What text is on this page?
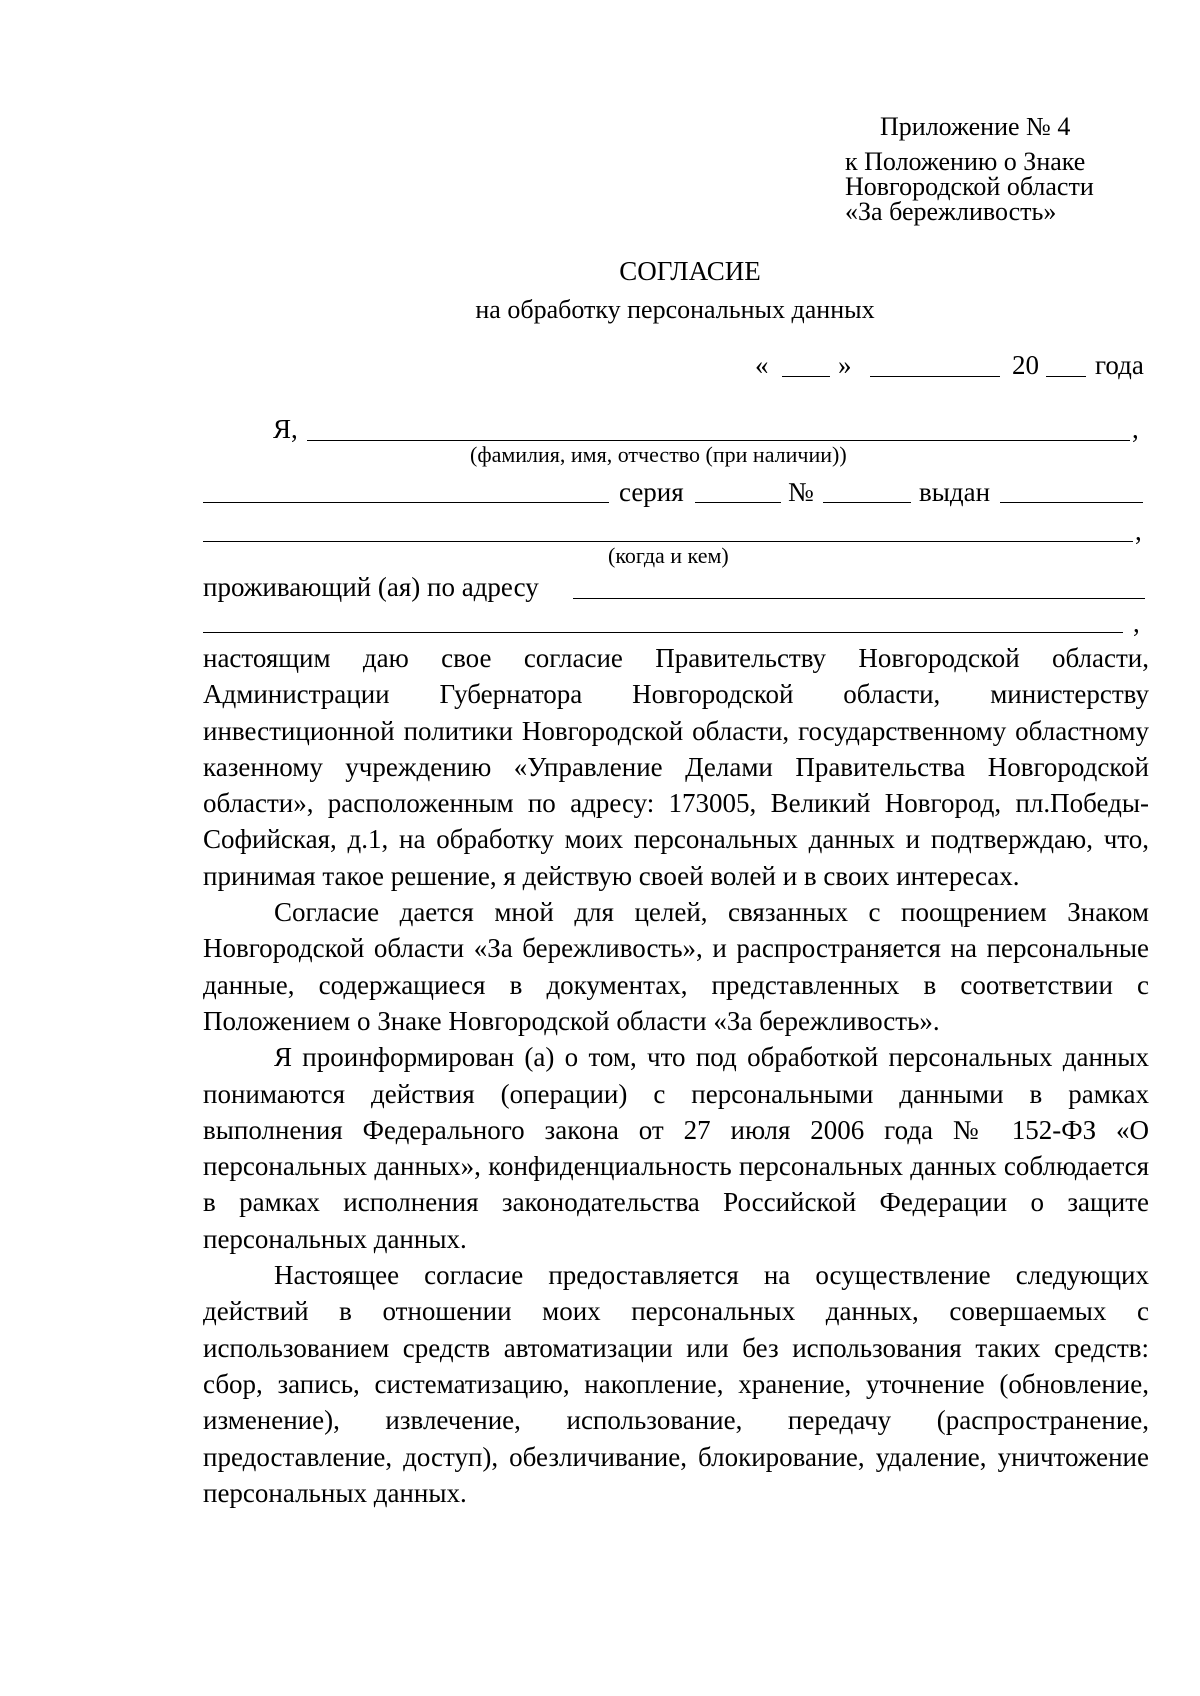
Приложение № 4
к Положению о Знаке
Новгородской области
«За бережливость»
СОГЛАСИЕ
на обработку персональных данных
«	»	20 года
Я,	,
(фамилия, имя, отчество (при наличии))
серия	№	выдан
,
(когда и кем)
проживающий (ая) по адресу
,

настоящим даю свое согласие Правительству Новгородской области, Администрации Губернатора Новгородской области, министерству инвестиционной политики Новгородской области, государственному областному казенному учреждению «Управление Делами Правительства Новгородской области», расположенным по адресу: 173005, Великий Новгород, пл.Победы-Софийская, д.1, на обработку моих персональных данных и подтверждаю, что, принимая такое решение, я действую своей волей и в своих интересах.

Согласие дается мной для целей, связанных с поощрением Знаком Новгородской области «За бережливость», и распространяется на персональные данные, содержащиеся в документах, представленных в соответствии с Положением о Знаке Новгородской области «За бережливость».

Я проинформирован (а) о том, что под обработкой персональных данных понимаются действия (операции) с персональными данными в рамках выполнения Федерального закона от 27 июля 2006 года № 152-ФЗ «О персональных данных», конфиденциальность персональных данных соблюдается в рамках исполнения законодательства Российской Федерации о защите персональных данных.

Настоящее согласие предоставляется на осуществление следующих действий в отношении моих персональных данных, совершаемых с использованием средств автоматизации или без использования таких средств: сбор, запись, систематизацию, накопление, хранение, уточнение (обновление, изменение), извлечение, использование, передачу (распространение, предоставление, доступ), обезличивание, блокирование, удаление, уничтожение персональных данных.
